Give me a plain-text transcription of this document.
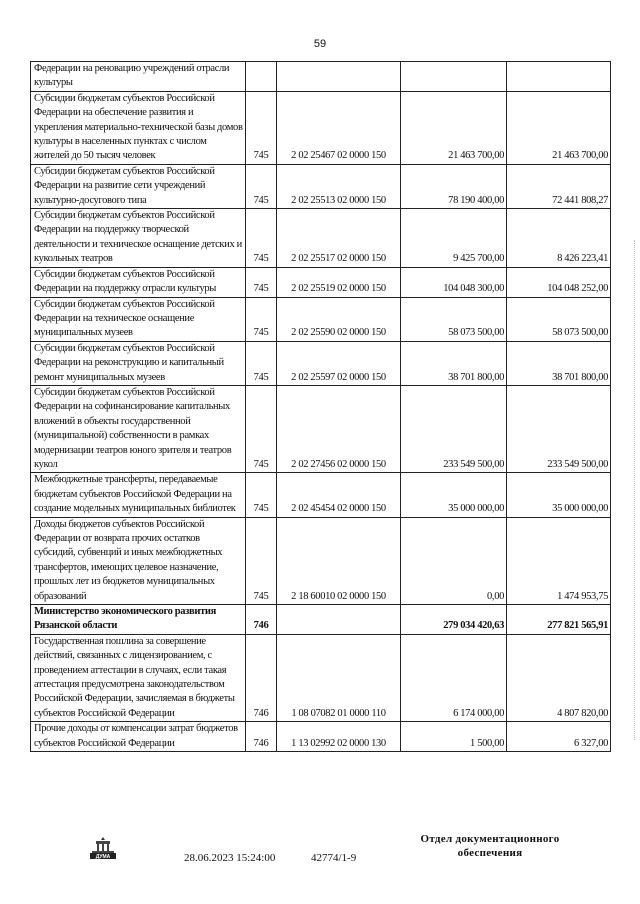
59
Федерации на реновацию учреждений отрасли культуры				
Субсидии бюджетам субъектов Российской Федерации на обеспечение развития и укрепления материально-технической базы домов культуры в населенных пунктах с числом жителей до 50 тысяч человек	745	2 02 25467 02 0000 150	21 463 700,00	21 463 700,00
Субсидии бюджетам субъектов Российской Федерации на развитие сети учреждений культурно-досугового типа	745	2 02 25513 02 0000 150	78 190 400,00	72 441 808,27
Субсидии бюджетам субъектов Российской Федерации на поддержку творческой деятельности и техническое оснащение детских и кукольных театров	745	2 02 25517 02 0000 150	9 425 700,00	8 426 223,41
Субсидии бюджетам субъектов Российской Федерации на поддержку отрасли культуры	745	2 02 25519 02 0000 150	104 048 300,00	104 048 252,00
Субсидии бюджетам субъектов Российской Федерации на техническое оснащение муниципальных музеев	745	2 02 25590 02 0000 150	58 073 500,00	58 073 500,00
Субсидии бюджетам субъектов Российской Федерации на реконструкцию и капитальный ремонт муниципальных музеев	745	2 02 25597 02 0000 150	38 701 800,00	38 701 800,00
Субсидии бюджетам субъектов Российской Федерации на софинансирование капитальных вложений в объекты государственной (муниципальной) собственности в рамках модернизации театров юного зрителя и театров кукол	745	2 02 27456 02 0000 150	233 549 500,00	233 549 500,00
Межбюджетные трансферты, передаваемые бюджетам субъектов Российской Федерации на создание модельных муниципальных библиотек	745	2 02 45454 02 0000 150	35 000 000,00	35 000 000,00
Доходы бюджетов субъектов Российской Федерации от возврата прочих остатков субсидий, субвенций и иных межбюджетных трансфертов, имеющих целевое назначение, прошлых лет из бюджетов муниципальных образований	745	2 18 60010 02 0000 150	0,00	1 474 953,75
Министерство экономического развития Рязанской области	746		279 034 420,63	277 821 565,91
Государственная пошлина за совершение действий, связанных с лицензированием, с проведением аттестации в случаях, если такая аттестация предусмотрена законодательством Российской Федерации, зачисляемая в бюджеты субъектов Российской Федерации	746	1 08 07082 01 0000 110	6 174 000,00	4 807 820,00
Прочие доходы от компенсации затрат бюджетов субъектов Российской Федерации	746	1 13 02992 02 0000 130	1 500,00	6 327,00
ДУМА	28.06.2023 15:24:00	42774/1-9
Отдел документационного
обеспечения
